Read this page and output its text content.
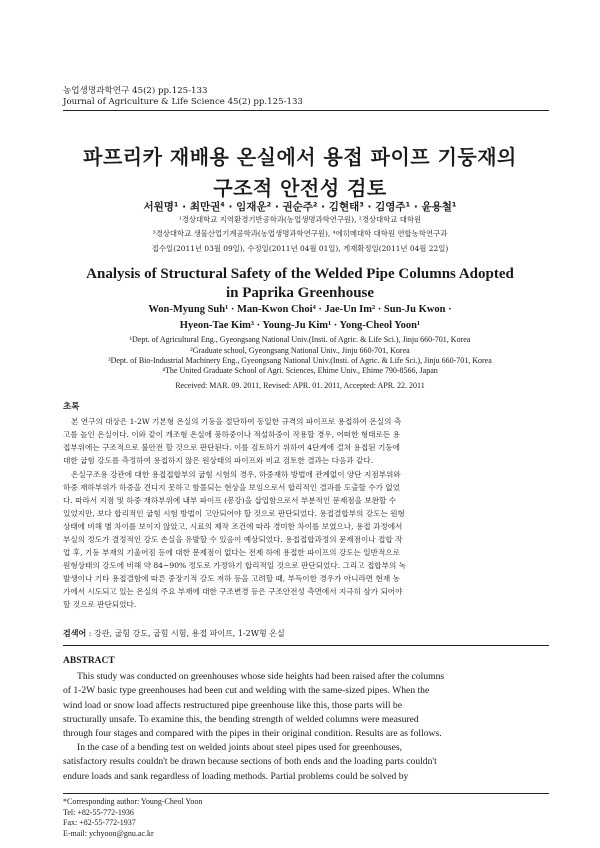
농업생명과학연구 45(2) pp.125-133
Journal of Agriculture & Life Science 45(2) pp.125-133
파프리카 재배용 온실에서 용접 파이프 기둥재의
구조적 안전성 검토
서원명¹ · 최만권⁴ · 임재운² · 권순주² · 김현태³ · 김영주¹ · 윤용철¹
¹경상대학교 지역환경기반공학과(농업생명과학연구원), ²경상대학교 대학원
³경상대학교 생물산업기계공학과(농업생명과학연구원), ⁴에히메대학 대학원 연합농학연구과
접수일(2011년 03월 09일), 수정일(2011년 04월 01일), 게재확정일(2011년 04월 22일)
Analysis of Structural Safety of the Welded Pipe Columns Adopted
in Paprika Greenhouse
Won-Myung Suh¹ · Man-Kwon Choi⁴ · Jae-Un Im² · Sun-Ju Kwon ·
Hyeon-Tae Kim³ · Young-Ju Kim¹ · Yong-Cheol Yoon¹
¹Dept. of Agricultural Eng., Gyeongsang National Univ.(Insti. of Agric. & Life Sci.), Jinju 660-701, Korea
²Graduate school, Gyeongsang National Univ., Jinju 660-701, Korea
³Dept. of Bio-Industrial Machinery Eng., Gyeongsang National Univ.(Insti. of Agric. & Life Sci.), Jinju 660-701, Korea
⁴The United Graduate School of Agri. Sciences, Ehime Univ., Ehime 790-8566, Japan
Received: MAR. 09. 2011, Revised: APR. 01. 2011, Accepted: APR. 22. 2011
초록
본 연구의 대상은 1-2W 기본형 온실의 기둥을 절단하여 동일한 규격의 파이프로 용접하여 온실의 측
고를 높인 온실이다. 이와 같이 개조형 온실에 풍하중이나 적설하중이 작용할 경우, 어떠한 형태로든 용
접부위에는 구조적으로 불안전 할 것으로 판단된다. 이를 검토하기 위하여 4단계에 걸쳐 용접된 기둥에
대한 굽힘 강도를 측정하여 용접하지 않은 원상태의 파이프와 비교 검토한 결과는 다음과 같다.
온실구조용 강관에 대한 용접접합부의 굽힘 시험의 경우, 하중재하 방법에 관계없이 양단 지점부위와
하중 재하부위가 하중을 견디지 못하고 함몰되는 현상을 보임으로서 합리적인 결과를 도출할 수가 없었
다. 따라서 지점 및 하중 재하부위에 내부 파이프 (봉강)을 삽입함으로서 부분적인 문제점을 보완할 수
있었지만, 보다 합리적인 굽힘 시험 방법이 고안되어야 할 것으로 판단되었다. 용접결합부의 강도는 원형
상태에 비해 별 차이를 보이지 않았고, 시료의 제작 조건에 따라 경미한 차이를 보였으나, 용접 과정에서
부실의 정도가 결정적인 강도 손실을 유발할 수 있음이 예상되었다. 용접접합과정의 문제점이나 접합 작
업 후, 기둥 부재의 기울어짐 등에 대한 문제점이 없다는 전제 하에 용접한 파이프의 강도는 일반적으로
원형상태의 강도에 비해 약 84~90% 정도로 가정하기 합리적일 것으로 판단되었다. 그리고 접합부의 녹
발생이나 기타 용접결함에 따른 중장기적 강도 저하 등을 고려할 때, 부득이한 경우가 아니라면 현재 농
가에서 시도되고 있는 온실의 주요 부재에 대한 구조변경 등은 구조안전성 측면에서 지극히 삼가 되어야
할 것으로 판단되었다.
검색어 : 강관, 굽힘 강도, 굽힘 시험, 용접 파이프, 1-2W형 온실
ABSTRACT
This study was conducted on greenhouses whose side heights had been raised after the columns
of 1-2W basic type greenhouses had been cut and welding with the same-sized pipes. When the
wind load or snow load affects restructured pipe greenhouse like this, those parts will be
structurally unsafe. To examine this, the bending strength of welded columns were measured
through four stages and compared with the pipes in their original condition. Results are as follows.
In the case of a bending test on welded joints about steel pipes used for greenhouses,
satisfactory results couldn't be drawn because sections of both ends and the loading parts couldn't
endure loads and sank regardless of loading methods. Partial problems could be solved by
*Corresponding author: Young-Cheol Yoon
Tel: +82-55-772-1936
Fax: +82-55-772-1937
E-mail: ychyoon@gnu.ac.kr
